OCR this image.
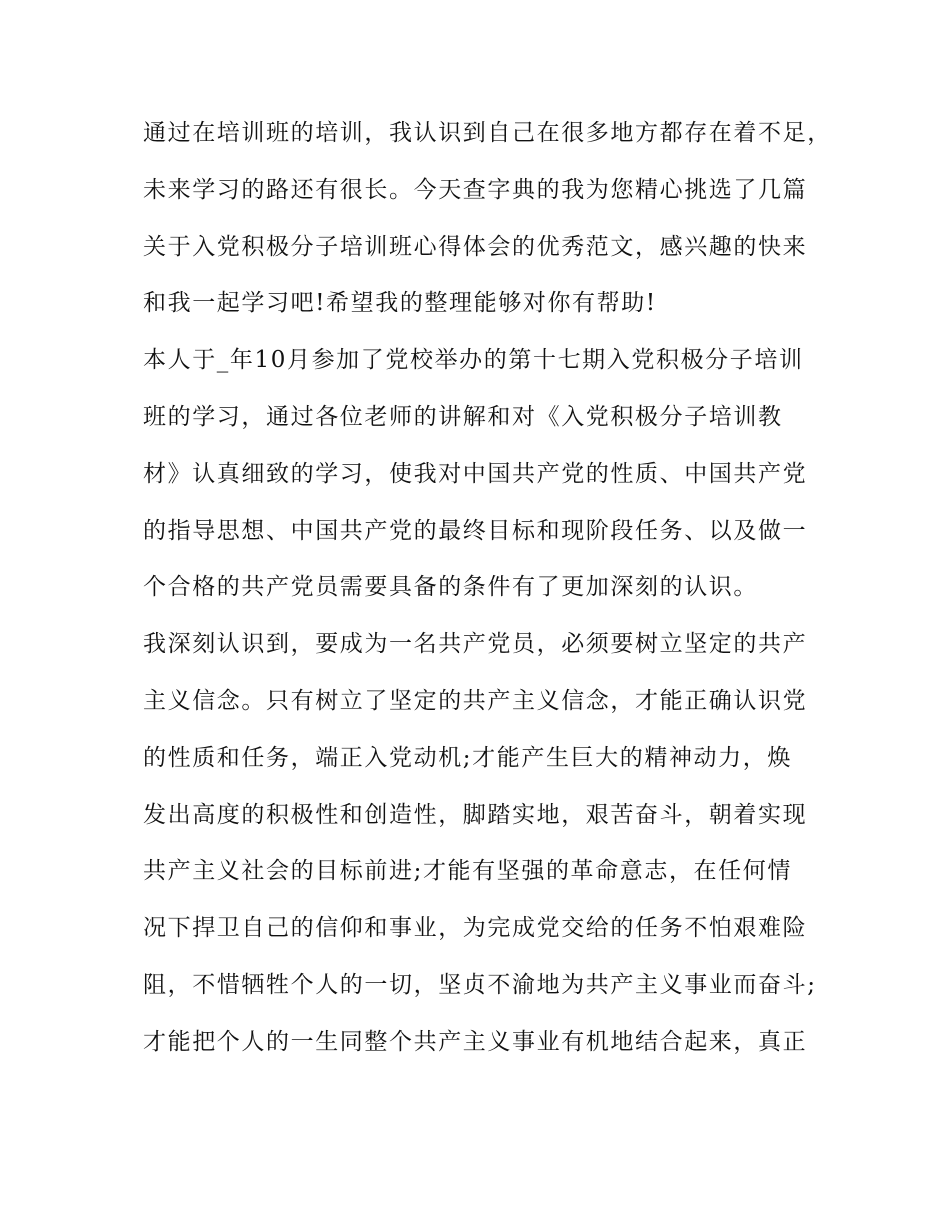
通过在培训班的培训，我认识到自己在很多地方都存在着不足，
未来学习的路还有很长。今天查字典的我为您精心挑选了几篇
关于入党积极分子培训班心得体会的优秀范文，感兴趣的快来
和我一起学习吧!希望我的整理能够对你有帮助!
本人于_年10月参加了党校举办的第十七期入党积极分子培训
班的学习，通过各位老师的讲解和对《入党积极分子培训教
材》认真细致的学习，使我对中国共产党的性质、中国共产党
的指导思想、中国共产党的最终目标和现阶段任务、以及做一
个合格的共产党员需要具备的条件有了更加深刻的认识。
我深刻认识到，要成为一名共产党员，必须要树立坚定的共产
主义信念。只有树立了坚定的共产主义信念，才能正确认识党
的性质和任务，端正入党动机;才能产生巨大的精神动力，焕
发出高度的积极性和创造性，脚踏实地，艰苦奋斗，朝着实现
共产主义社会的目标前进;才能有坚强的革命意志，在任何情
况下捍卫自己的信仰和事业，为完成党交给的任务不怕艰难险
阻，不惜牺牲个人的一切，坚贞不渝地为共产主义事业而奋斗;
才能把个人的一生同整个共产主义事业有机地结合起来，真正
